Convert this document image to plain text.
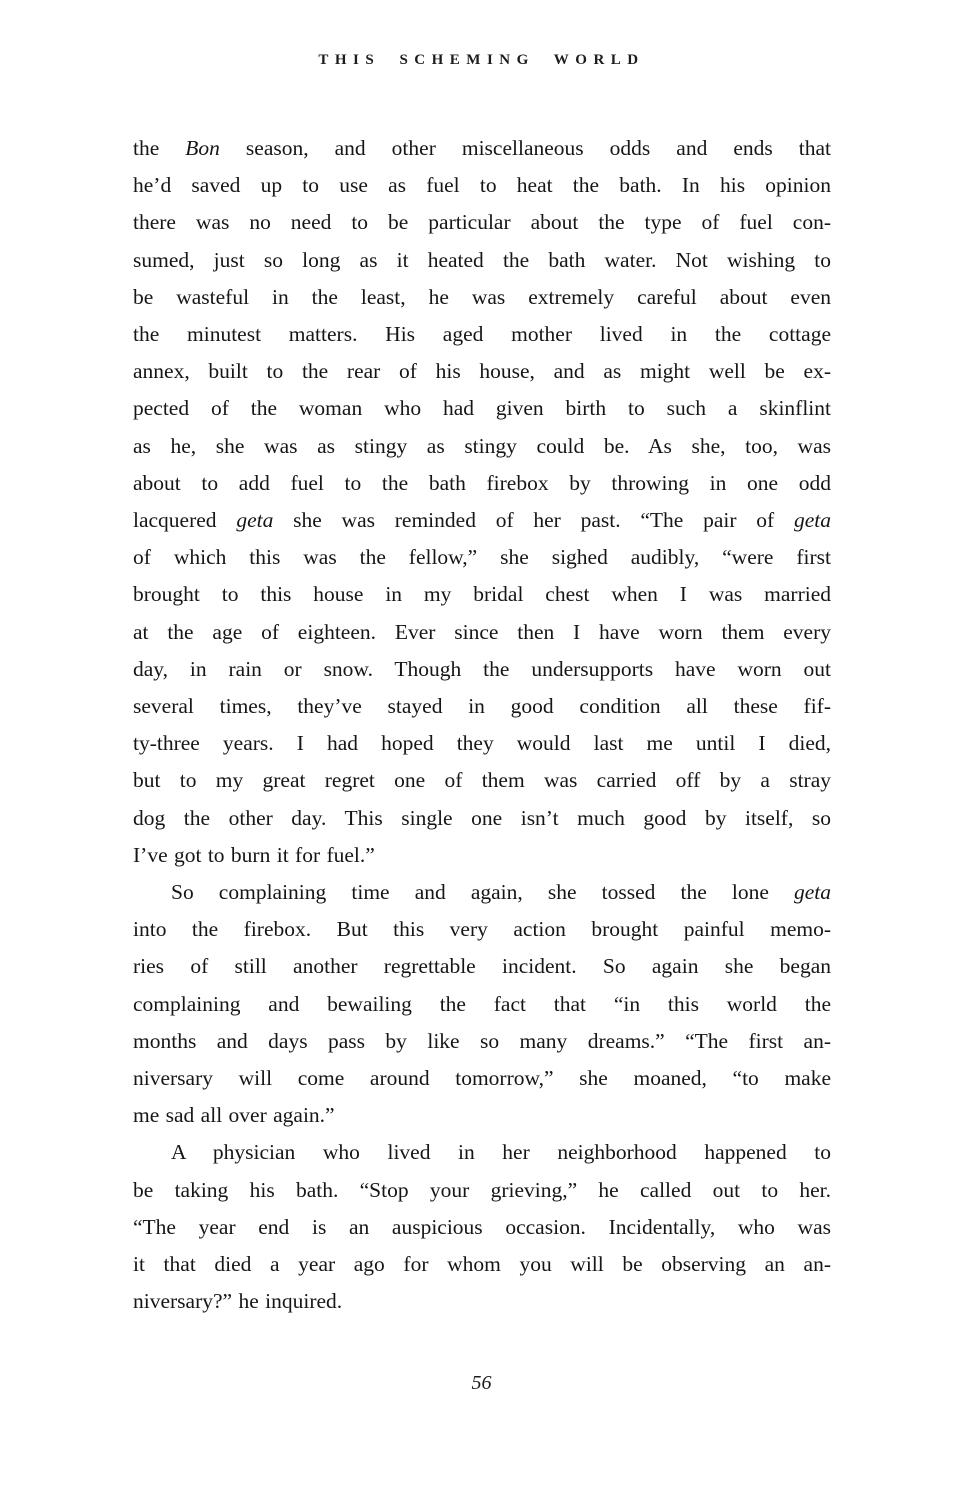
THIS SCHEMING WORLD
the Bon season, and other miscellaneous odds and ends that
he’d saved up to use as fuel to heat the bath. In his opinion
there was no need to be particular about the type of fuel con-
sumed, just so long as it heated the bath water. Not wishing to
be wasteful in the least, he was extremely careful about even
the minutest matters. His aged mother lived in the cottage
annex, built to the rear of his house, and as might well be ex-
pected of the woman who had given birth to such a skinflint
as he, she was as stingy as stingy could be. As she, too, was
about to add fuel to the bath firebox by throwing in one odd
lacquered geta she was reminded of her past. “The pair of geta
of which this was the fellow,” she sighed audibly, “were first
brought to this house in my bridal chest when I was married
at the age of eighteen. Ever since then I have worn them every
day, in rain or snow. Though the undersupports have worn out
several times, they’ve stayed in good condition all these fif-
ty-three years. I had hoped they would last me until I died,
but to my great regret one of them was carried off by a stray
dog the other day. This single one isn’t much good by itself, so
I’ve got to burn it for fuel.”
So complaining time and again, she tossed the lone geta
into the firebox. But this very action brought painful memo-
ries of still another regrettable incident. So again she began
complaining and bewailing the fact that “in this world the
months and days pass by like so many dreams.” “The first an-
niversary will come around tomorrow,” she moaned, “to make
me sad all over again.”
A physician who lived in her neighborhood happened to
be taking his bath. “Stop your grieving,” he called out to her.
“The year end is an auspicious occasion. Incidentally, who was
it that died a year ago for whom you will be observing an an-
niversary?” he inquired.
56
